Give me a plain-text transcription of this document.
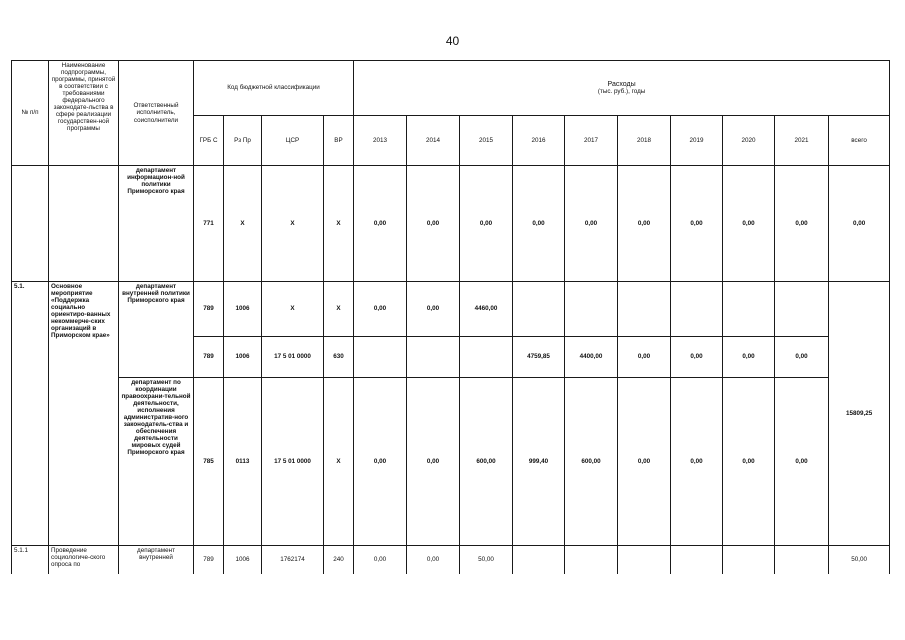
40
№ п/п	Наименование подпрограммы, программы, принятой в соответствии с требованиями федерального законодате-льства в сфере реализации государствен-ной программы	Ответственный исполнитель, соисполнители	Код бюджетной классификации				Расходы
(тыс. руб.), годы									

			ГРБ С	Рз Пр	ЦСР	ВР	2013	2014	2015	2016	2017	2018	2019	2020	2021	всего
		департамент информацион-ной политики Приморского края	771	X	X	X	0,00	0,00	0,00	0,00	0,00	0,00	0,00	0,00	0,00	0,00
5.1.	Основное мероприятие «Поддержка социально ориентиро-ванных некоммерче-ских организаций в Приморском крае»	департамент внутренней политики Приморского края	789	1006	X	X	0,00	0,00	4460,00							15809,25
			789	1006	17 5 01 0000	630				4759,85	4400,00	0,00	0,00	0,00	0,00	
		департамент по координации правоохрани-тельной деятельности, исполнения административ-ного законодатель-ства и обеспечения деятельности мировых судей Приморского края	785	0113	17 5 01 0000	X	0,00	0,00	600,00	999,40	600,00	0,00	0,00	0,00	0,00	
5.1.1	Проведение социологиче-ского опроса по	департамент внутренней	789	1006	1762174	240	0,00	0,00	50,00							50,00
